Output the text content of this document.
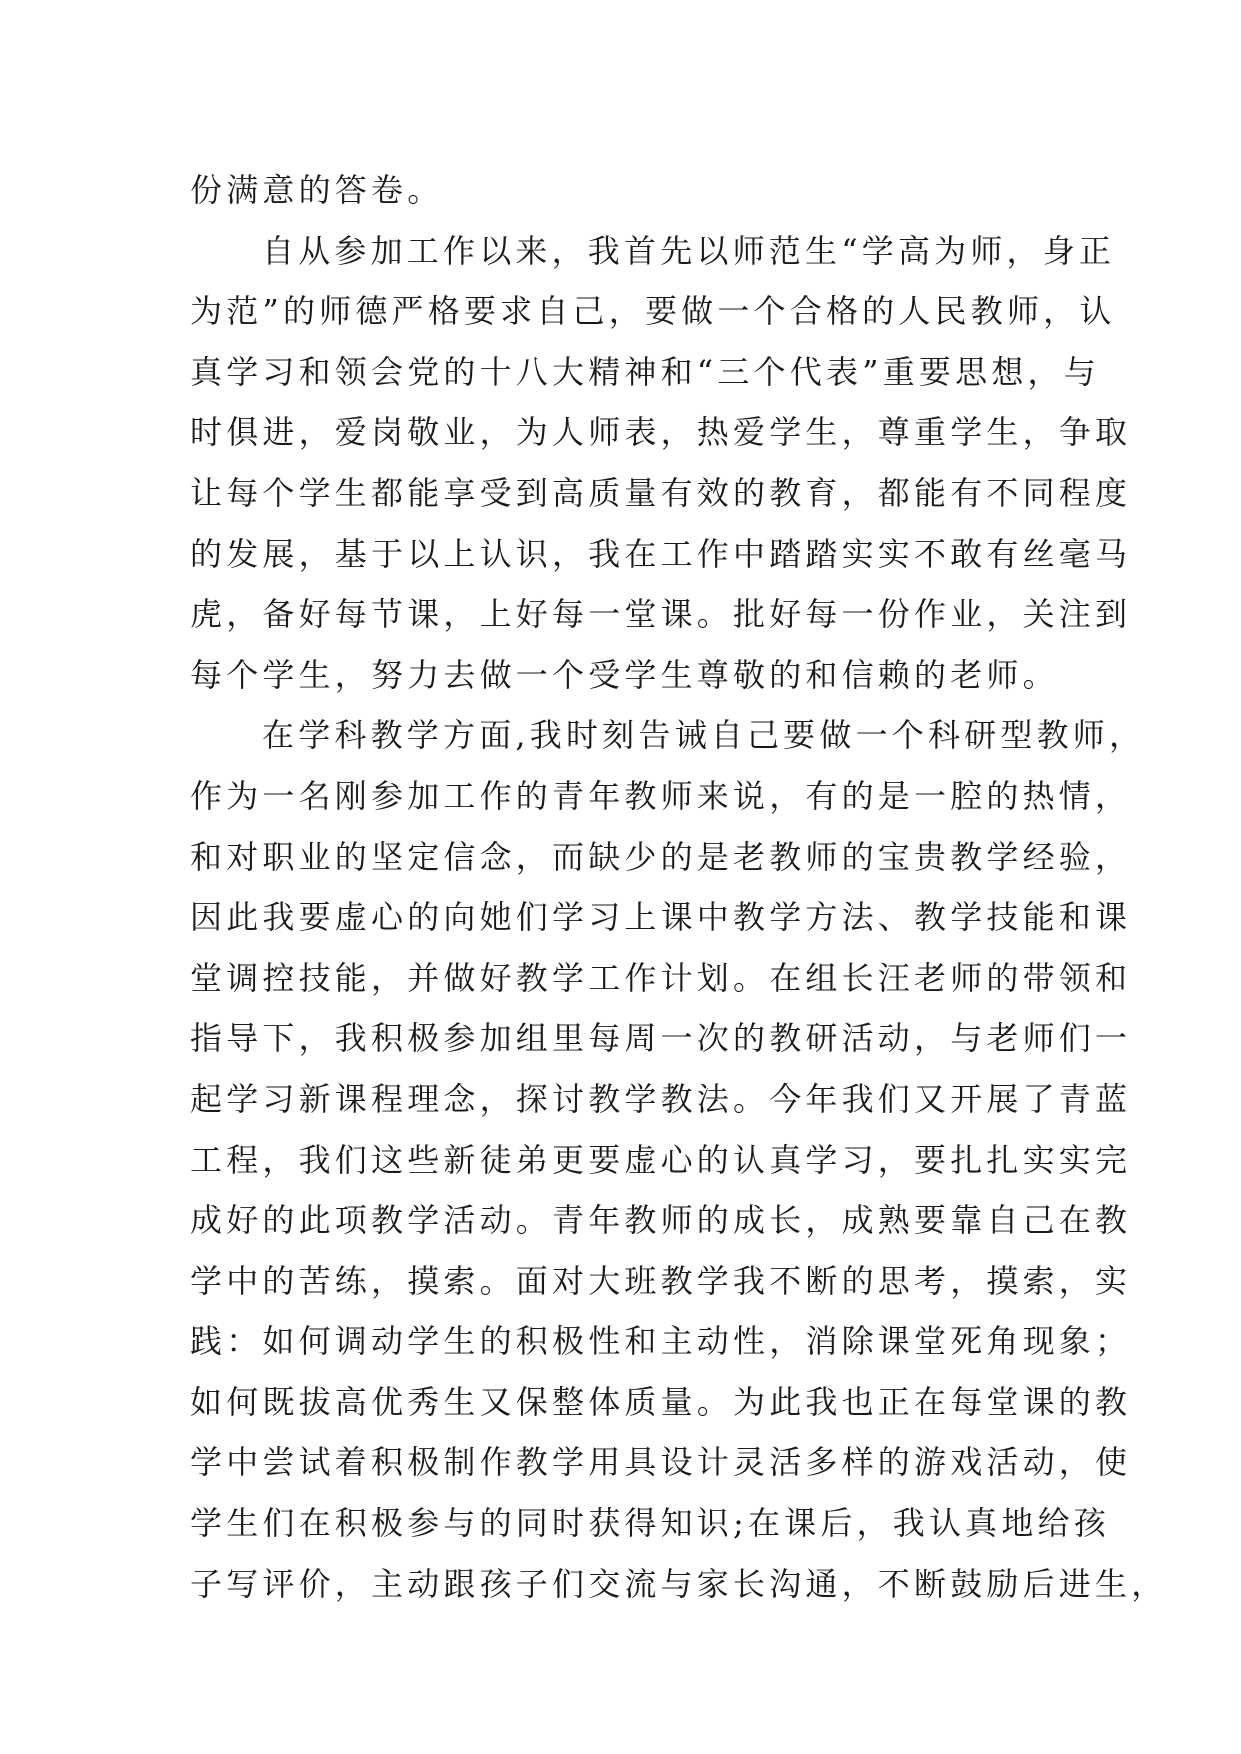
份满意的答卷。
自从参加工作以来，我首先以师范生“学高为师，身正
为范”的师德严格要求自己，要做一个合格的人民教师，认
真学习和领会党的十八大精神和“三个代表”重要思想，与
时俱进，爱岗敬业，为人师表，热爱学生，尊重学生，争取
让每个学生都能享受到高质量有效的教育，都能有不同程度
的发展，基于以上认识，我在工作中踏踏实实不敢有丝毫马
虎，备好每节课，上好每一堂课。批好每一份作业，关注到
每个学生，努力去做一个受学生尊敬的和信赖的老师。
在学科教学方面,我时刻告诫自己要做一个科研型教师，
作为一名刚参加工作的青年教师来说，有的是一腔的热情，
和对职业的坚定信念，而缺少的是老教师的宝贵教学经验，
因此我要虚心的向她们学习上课中教学方法、教学技能和课
堂调控技能，并做好教学工作计划。在组长汪老师的带领和
指导下，我积极参加组里每周一次的教研活动，与老师们一
起学习新课程理念，探讨教学教法。今年我们又开展了青蓝
工程，我们这些新徒弟更要虚心的认真学习，要扎扎实实完
成好的此项教学活动。青年教师的成长，成熟要靠自己在教
学中的苦练，摸索。面对大班教学我不断的思考，摸索，实
践：如何调动学生的积极性和主动性，消除课堂死角现象；
如何既拔高优秀生又保整体质量。为此我也正在每堂课的教
学中尝试着积极制作教学用具设计灵活多样的游戏活动，使
学生们在积极参与的同时获得知识;在课后，我认真地给孩
子写评价，主动跟孩子们交流与家长沟通，不断鼓励后进生，
